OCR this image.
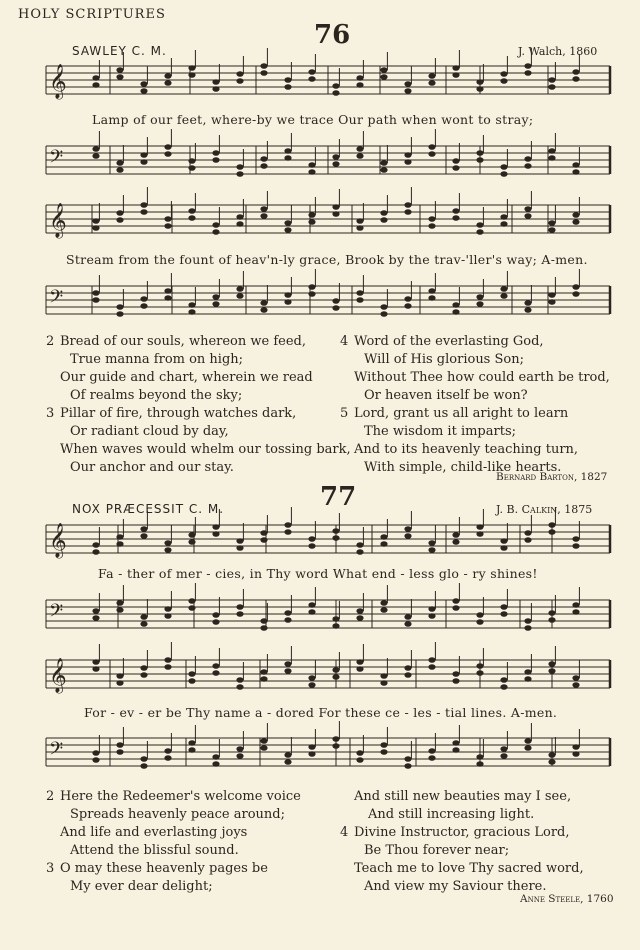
HOLY SCRIPTURES
76
SAWLEY C. M.	J. Walch, 1860
𝄞
𝄢
𝄞
𝄢
𝄞
𝄢
𝄞
𝄢
Lamp of our feet, where-by we trace Our path when wont to stray;
Stream from the fount of heav'n-ly grace, Brook by the trav-'ller's way; A-men.
2 Bread of our souls, whereon we feed,
True manna from on high;
Our guide and chart, wherein we read
Of realms beyond the sky;
3 Pillar of fire, through watches dark,
Or radiant cloud by day,
When waves would whelm our tossing bark,
Our anchor and our stay.
4 Word of the everlasting God,
Will of His glorious Son;
Without Thee how could earth be trod,
Or heaven itself be won?
5 Lord, grant us all aright to learn
The wisdom it imparts;
And to its heavenly teaching turn,
With simple, child-like hearts.
Bernard Barton, 1827
77
NOX PRÆCESSIT C. M.	J. B. Calkin, 1875
Fa - ther of mer - cies, in Thy word What end - less glo - ry shines!
For - ev - er be Thy name a - dored For these ce - les - tial lines. A-men.
2 Here the Redeemer's welcome voice
Spreads heavenly peace around;
And life and everlasting joys
Attend the blissful sound.
3 O may these heavenly pages be
My ever dear delight;
And still new beauties may I see,
And still increasing light.
4 Divine Instructor, gracious Lord,
Be Thou forever near;
Teach me to love Thy sacred word,
And view my Saviour there.
Anne Steele, 1760
